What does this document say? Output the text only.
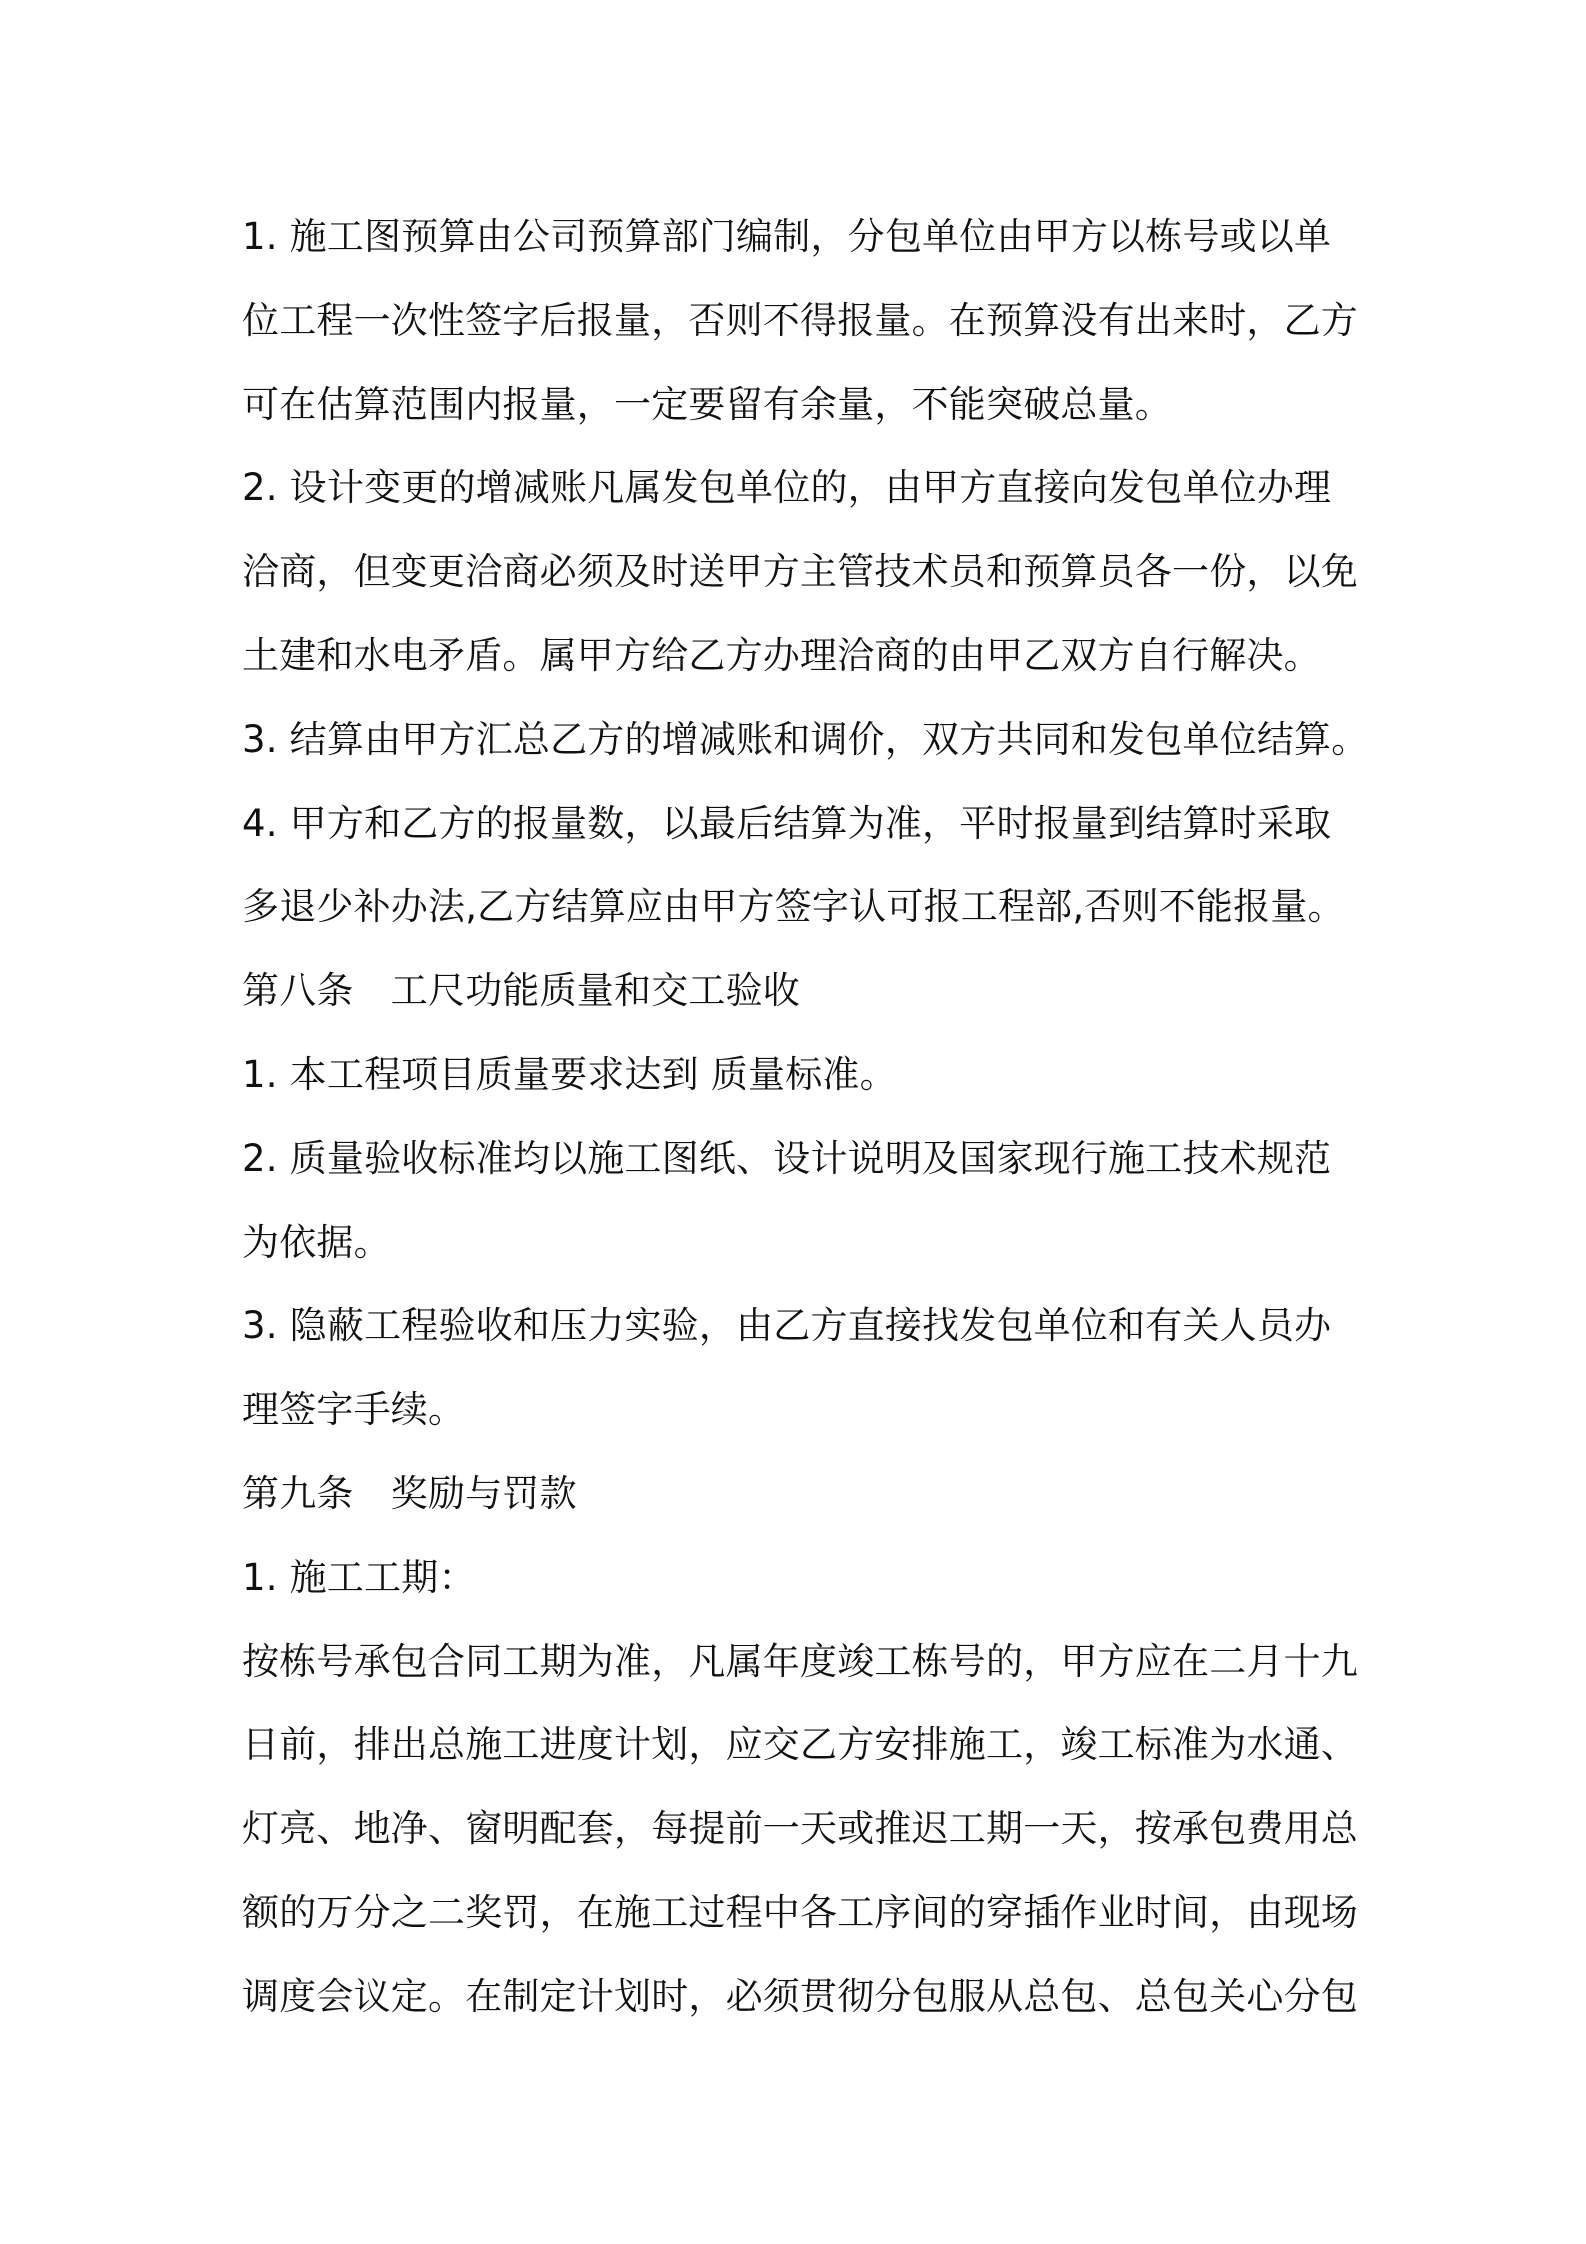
1. 施工图预算由公司预算部门编制，分包单位由甲方以栋号或以单
位工程一次性签字后报量，否则不得报量。在预算没有出来时，乙方
可在估算范围内报量，一定要留有余量，不能突破总量。
2. 设计变更的增减账凡属发包单位的，由甲方直接向发包单位办理
洽商，但变更洽商必须及时送甲方主管技术员和预算员各一份，以免
土建和水电矛盾。属甲方给乙方办理洽商的由甲乙双方自行解决。
3. 结算由甲方汇总乙方的增减账和调价，双方共同和发包单位结算。
4. 甲方和乙方的报量数，以最后结算为准，平时报量到结算时采取
多退少补办法,乙方结算应由甲方签字认可报工程部,否则不能报量。
第八条　工尺功能质量和交工验收
1. 本工程项目质量要求达到 质量标准。
2. 质量验收标准均以施工图纸、设计说明及国家现行施工技术规范
为依据。
3. 隐蔽工程验收和压力实验，由乙方直接找发包单位和有关人员办
理签字手续。
第九条　奖励与罚款
1. 施工工期：
按栋号承包合同工期为准，凡属年度竣工栋号的，甲方应在二月十九
日前，排出总施工进度计划，应交乙方安排施工，竣工标准为水通、
灯亮、地净、窗明配套，每提前一天或推迟工期一天，按承包费用总
额的万分之二奖罚，在施工过程中各工序间的穿插作业时间，由现场
调度会议定。在制定计划时，必须贯彻分包服从总包、总包关心分包
